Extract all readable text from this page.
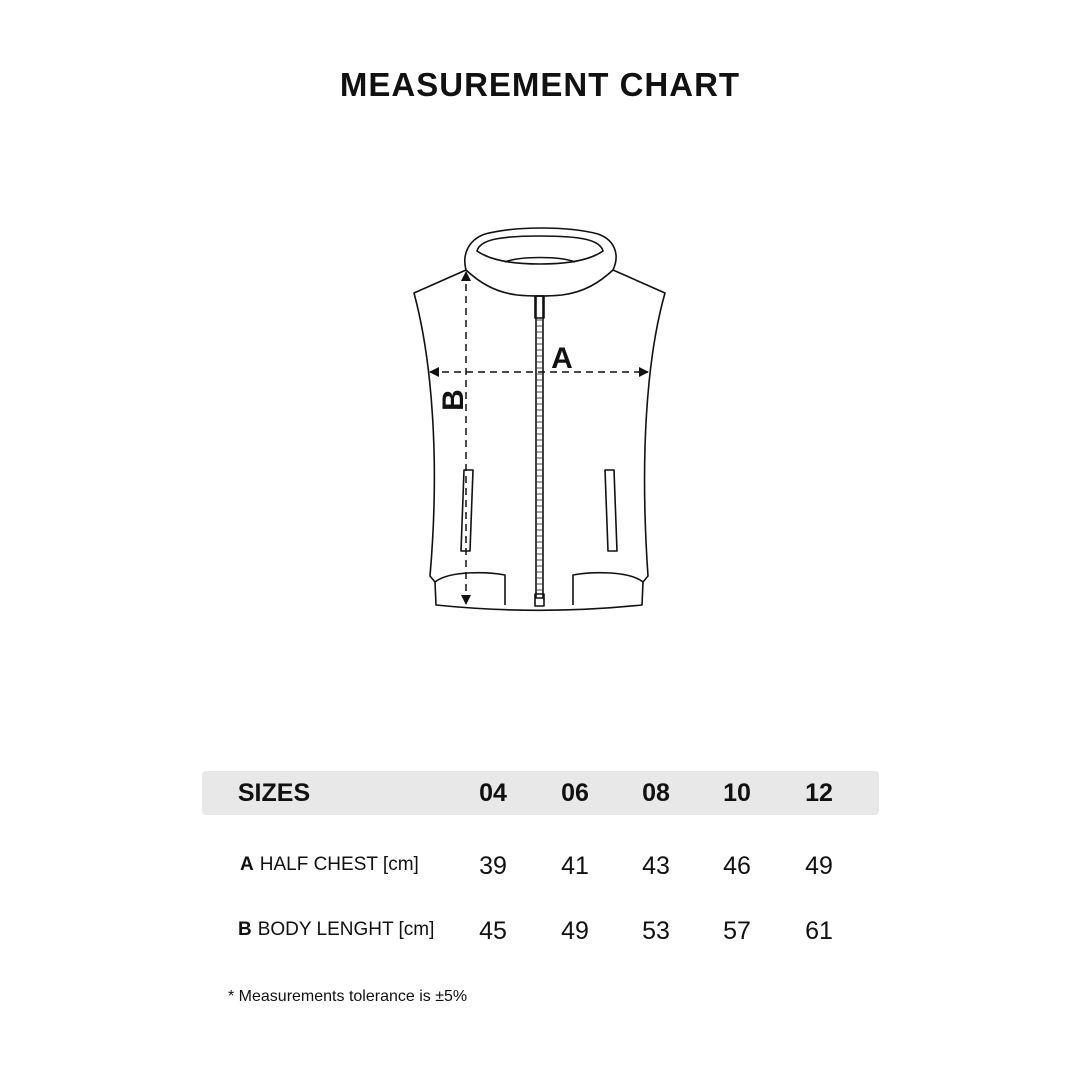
MEASUREMENT CHART
A
B
SIZES	04 06 08 10 12
A HALF CHEST [cm] 39 41 43 46 49
B BODY LENGHT [cm] 45 49 53 57 61
* Measurements tolerance is ±5%
